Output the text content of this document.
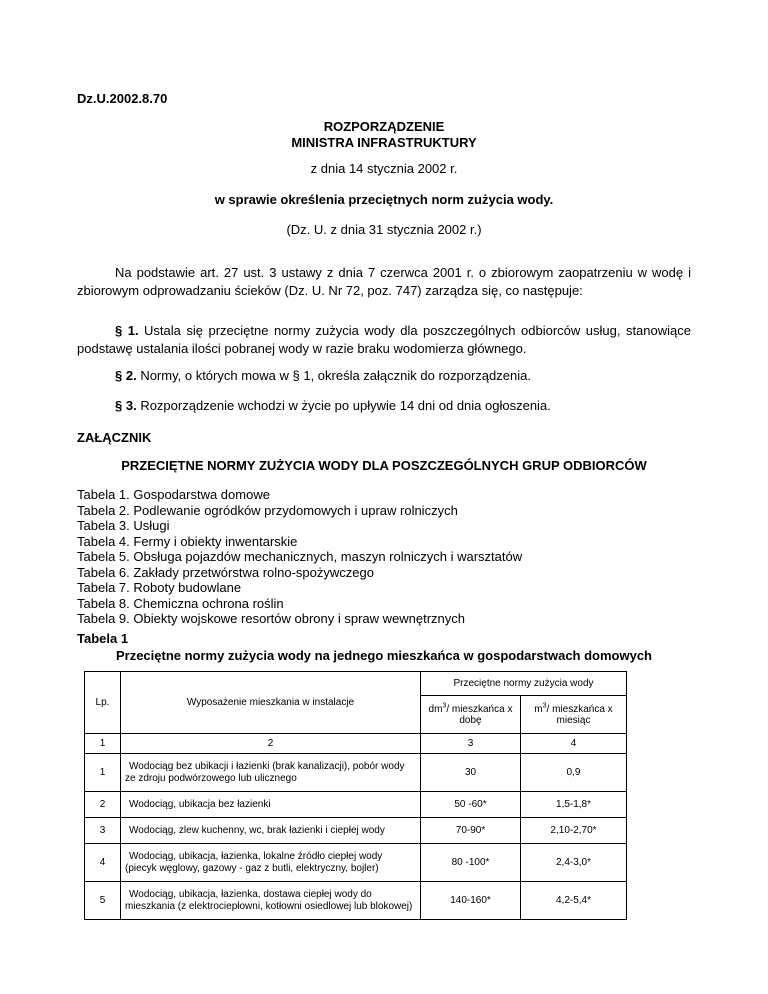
Dz.U.2002.8.70
ROZPORZĄDZENIE
MINISTRA INFRASTRUKTURY
z dnia 14 stycznia 2002 r.
w sprawie określenia przeciętnych norm zużycia wody.
(Dz. U. z dnia 31 stycznia 2002 r.)
Na podstawie art. 27 ust. 3 ustawy z dnia 7 czerwca 2001 r. o zbiorowym zaopatrzeniu w wodę i zbiorowym odprowadzaniu ścieków (Dz. U. Nr 72, poz. 747) zarządza się, co następuje:
§ 1. Ustala się przeciętne normy zużycia wody dla poszczególnych odbiorców usług, stanowiące podstawę ustalania ilości pobranej wody w razie braku wodomierza głównego.
§ 2. Normy, o których mowa w § 1, określa załącznik do rozporządzenia.
§ 3. Rozporządzenie wchodzi w życie po upływie 14 dni od dnia ogłoszenia.
ZAŁĄCZNIK
PRZECIĘTNE NORMY ZUŻYCIA WODY DLA POSZCZEGÓLNYCH GRUP ODBIORCÓW
Tabela 1. Gospodarstwa domowe
Tabela 2. Podlewanie ogródków przydomowych i upraw rolniczych
Tabela 3. Usługi
Tabela 4. Fermy i obiekty inwentarskie
Tabela 5. Obsługa pojazdów mechanicznych, maszyn rolniczych i warsztatów
Tabela 6. Zakłady przetwórstwa rolno-spożywczego
Tabela 7. Roboty budowlane
Tabela 8. Chemiczna ochrona roślin
Tabela 9. Obiekty wojskowe resortów obrony i spraw wewnętrznych
Tabela 1
Przeciętne normy zużycia wody na jednego mieszkańca w gospodarstwach domowych
Lp.	Wyposażenie mieszkania w instalacje	Przeciętne normy zużycia wody	
		$dm^3/$ mieszkańca x dobę	$m^3/$ mieszkańca x miesiąc
1	2	3	4
1	Wodociąg bez ubikacji i łazienki (brak kanalizacji), pobór wody
ze zdroju podwórzowego lub ulicznego	30	0,9
2	Wodociąg, ubikacja bez łazienki	50 -60*	1,5-1,8*
3	Wodociąg, zlew kuchenny, wc, brak łazienki i ciepłej wody	70-90*	2,10-2,70*
4	Wodociąg, ubikacja, łazienka, lokalne źródło ciepłej wody
(piecyk węglowy, gazowy - gaz z butli, elektryczny, bojler)	80 -100*	2,4-3,0*
5	Wodociąg, ubikacja, łazienka, dostawa ciepłej wody do
mieszkania (z elektrociepłowni, kotłowni osiedlowej lub blokowej)	140-160*	4,2-5,4*
